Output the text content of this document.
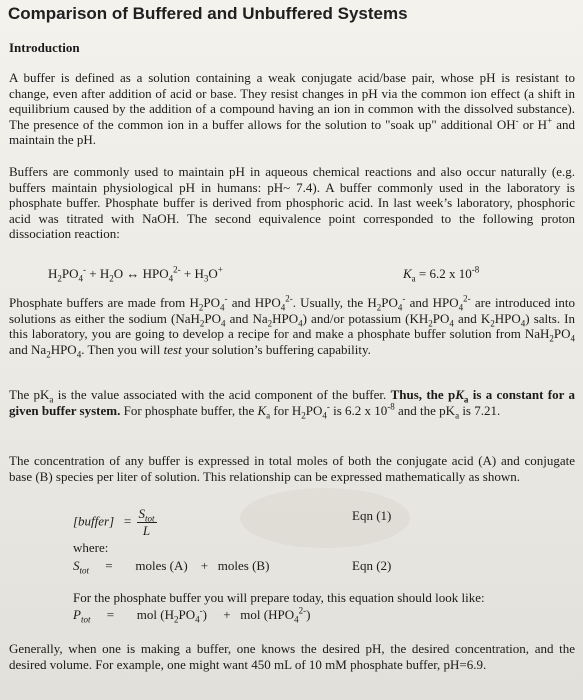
Comparison of Buffered and Unbuffered Systems
Introduction

A buffer is defined as a solution containing a weak conjugate acid/base pair, whose pH is resistant to change, even after addition of acid or base. They resist changes in pH via the common ion effect (a shift in equilibrium caused by the addition of a compound having an ion in common with the dissolved substance). The presence of the common ion in a buffer allows for the solution to "soak up" additional OH- or H+ and maintain the pH.

Buffers are commonly used to maintain pH in aqueous chemical reactions and also occur naturally (e.g. buffers maintain physiological pH in humans: pH~ 7.4). A buffer commonly used in the laboratory is phosphate buffer. Phosphate buffer is derived from phosphoric acid. In last week’s laboratory, phosphoric acid was titrated with NaOH. The second equivalence point corresponded to the following proton dissociation reaction:

$H_2PO_4^- + H_2O$ ↔ $HPO_4^{2-} + H_3O^+$	$K_a = 6.2$ x $10^{-8}$

Phosphate buffers are made from $H_2PO_4^-$ and $HPO_4^{2-}$. Usually, the $H_2PO_4^-$ and $HPO_4^{2-}$ are introduced into solutions as either the sodium ($NaH_2PO_4$ and $Na_2HPO_4$) and/or potassium ($KH_2PO_4$ and $K_2HPO_4$) salts. In this laboratory, you are going to develop a recipe for and make a phosphate buffer solution from $NaH_2PO_4$ and $Na_2HPO_4$. Then you will test your solution’s buffering capability.

The $pK_a$ is the value associated with the acid component of the buffer. Thus, the $pK_a$ is a constant for a given buffer system. For phosphate buffer, the $K_a$ for $H_2PO_4^-$ is 6.2 x $10^{-8}$ and the $pK_a$ is 7.21.

The concentration of any buffer is expressed in total moles of both the conjugate acid (A) and conjugate base (B) species per liter of solution. This relationship can be expressed mathematically as shown.

[buffer] = $\frac{S_{tot}}{L}$	Eqn (1)
where:
$S_{tot}$     =       moles (A)    +   moles (B)	Eqn (2)
For the phosphate buffer you will prepare today, this equation should look like:
$P_{tot}$     =       mol $(H_2PO_4^-)$     +   mol $(HPO_4^{2-})$

Generally, when one is making a buffer, one knows the desired pH, the desired concentration, and the desired volume. For example, one might want 450 mL of 10 mM phosphate buffer, pH=6.9.
